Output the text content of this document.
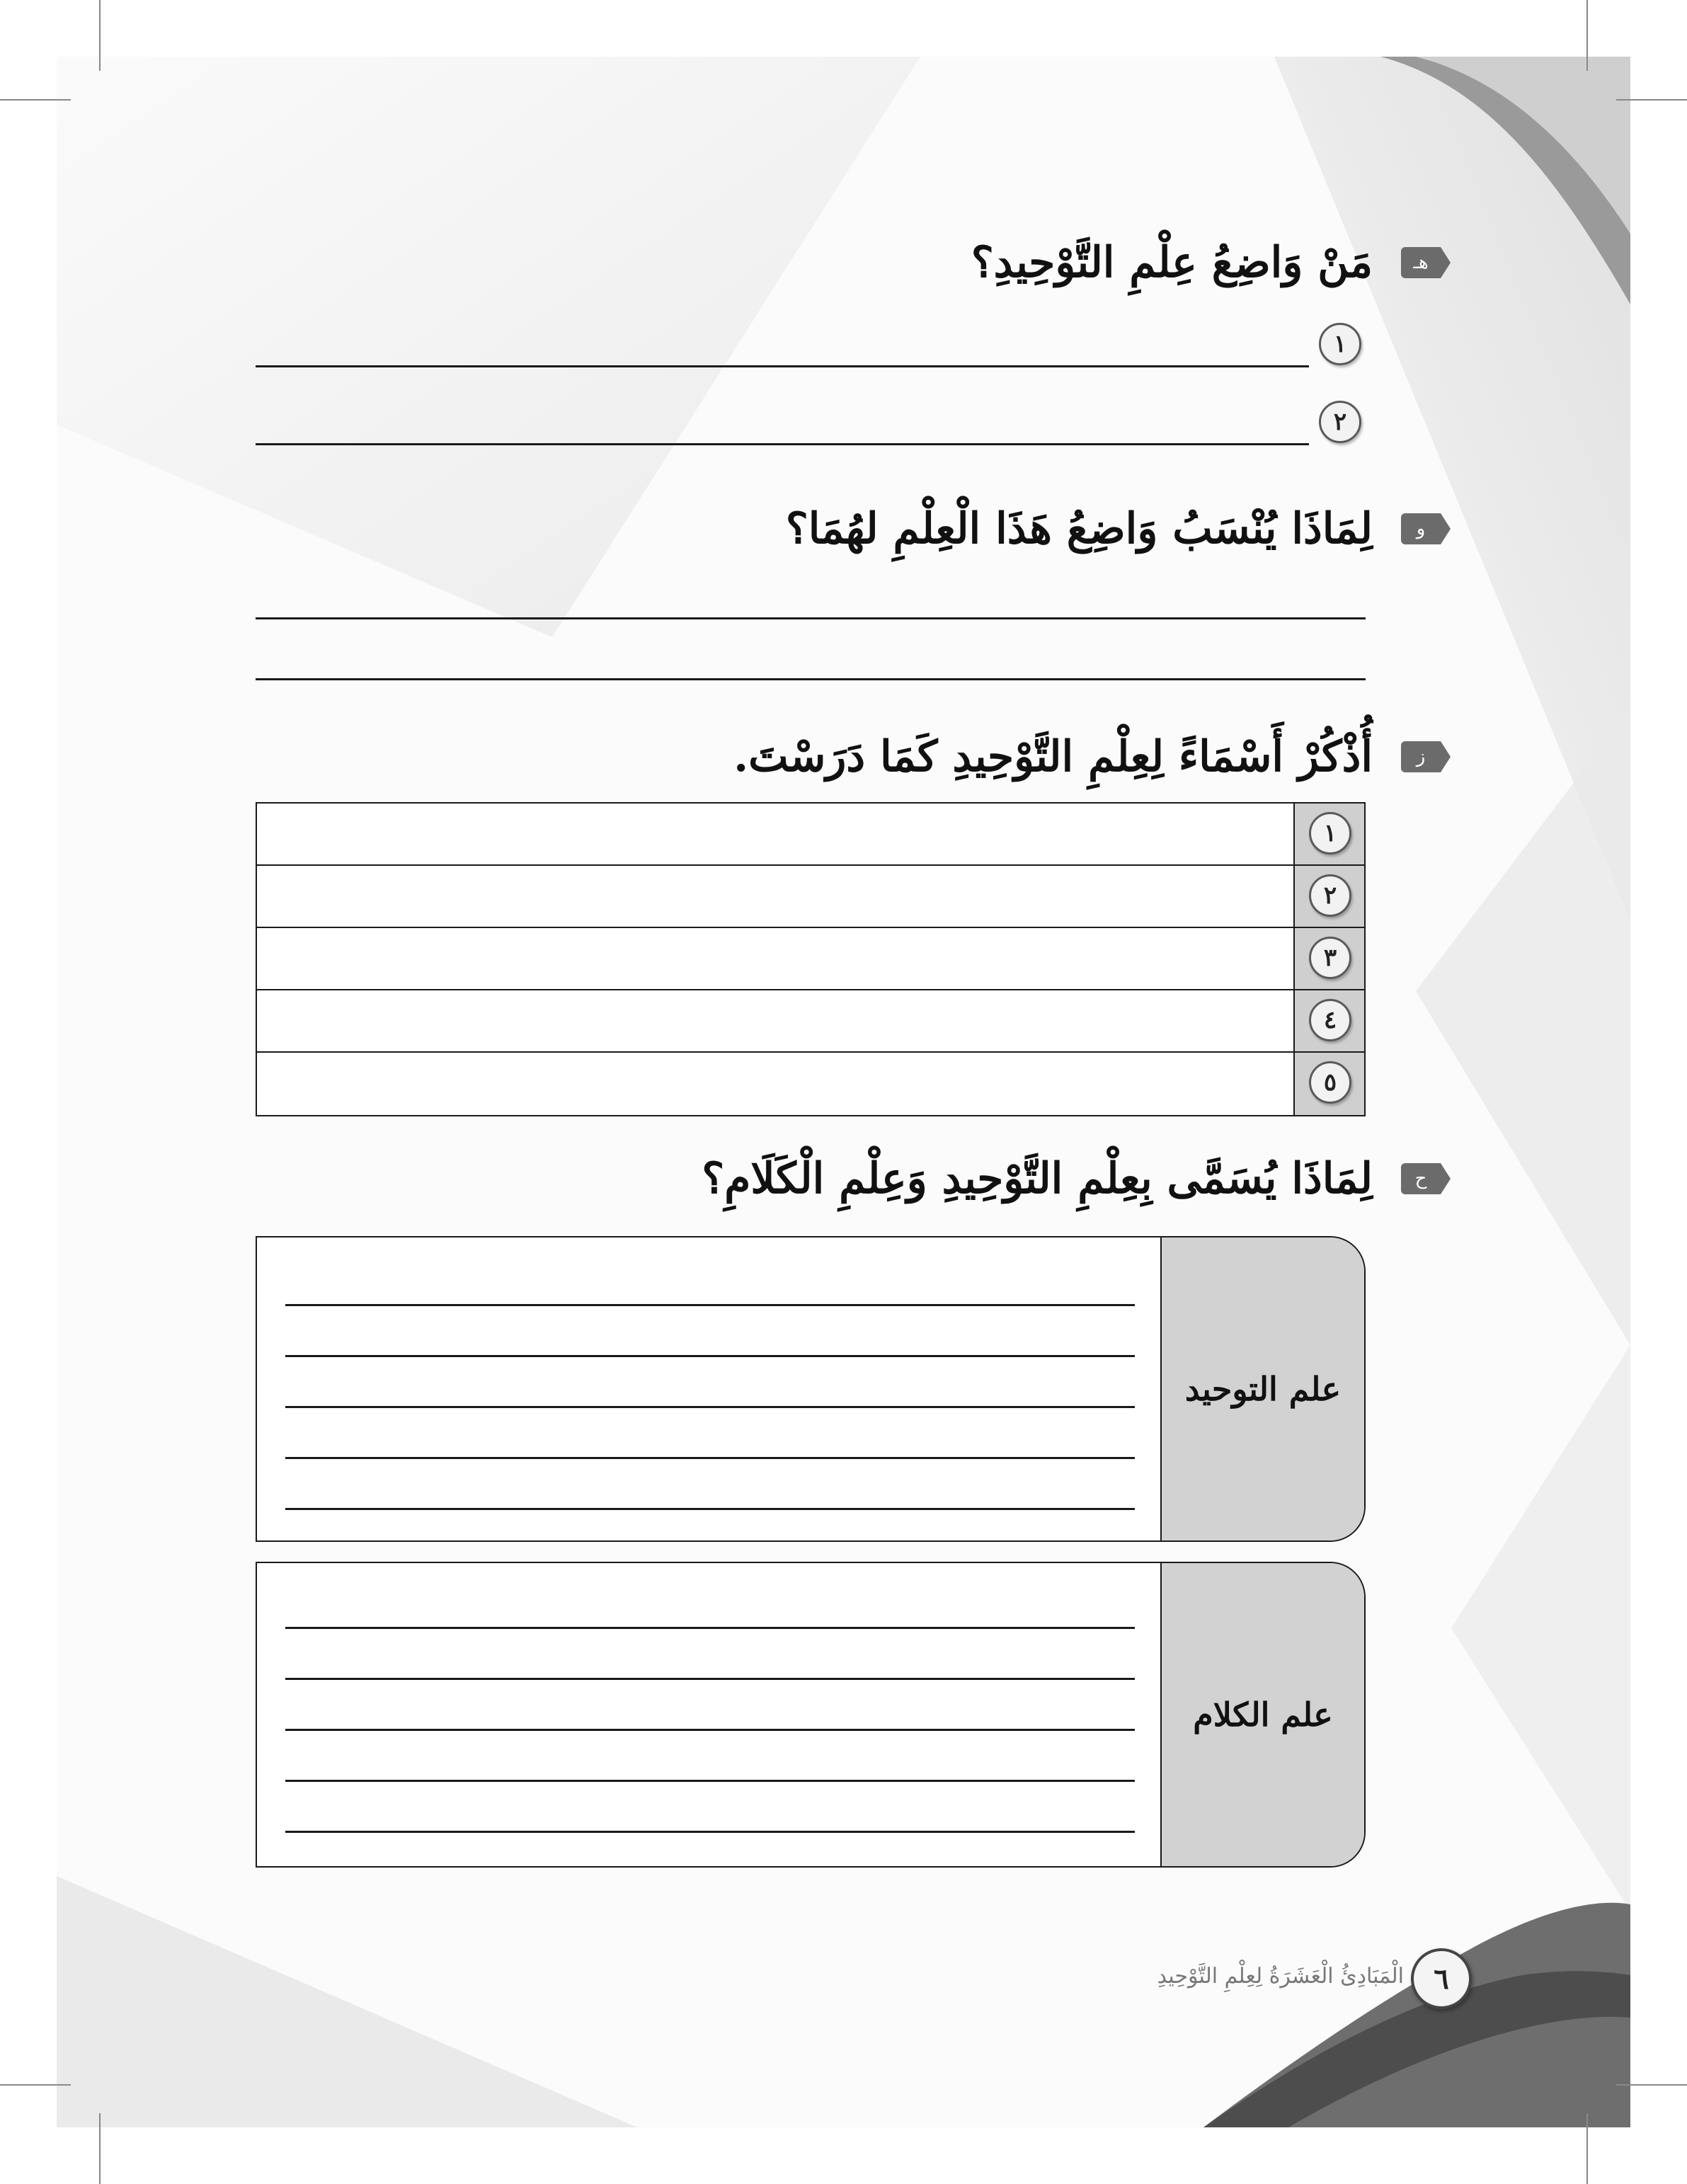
هـ
مَنْ وَاضِعُ عِلْمِ التَّوْحِيدِ؟
١
٢
و
لِمَاذَا يُنْسَبُ وَاضِعُ هَذَا الْعِلْمِ لهُمَا؟
ز
أُذْكُرْ أَسْمَاءً لِعِلْمِ التَّوْحِيدِ كَمَا دَرَسْتَ.
١
٢
٣
٤
٥
ح
لِمَاذَا يُسَمَّى بِعِلْمِ التَّوْحِيدِ وَعِلْمِ الْكَلَامِ؟
علم التوحيد
علم الكلام
الْمَبَادِئُ الْعَشَرَةُ لِعِلْمِ التَّوْحِيدِ	٦
